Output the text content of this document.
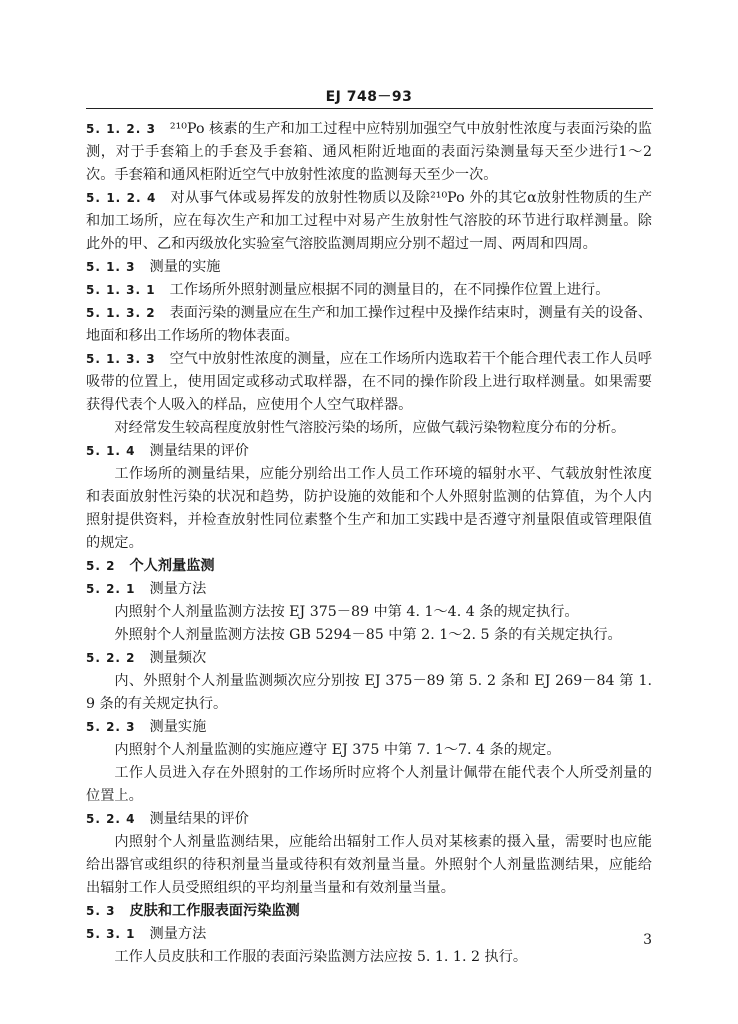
EJ 748－93

5. 1. 2. 3 ²¹⁰Po 核素的生产和加工过程中应特别加强空气中放射性浓度与表面污染的监测，对于手套箱上的手套及手套箱、通风柜附近地面的表面污染测量每天至少进行1～2次。手套箱和通风柜附近空气中放射性浓度的监测每天至少一次。

5. 1. 2. 4 对从事气体或易挥发的放射性物质以及除²¹⁰Po 外的其它α放射性物质的生产和加工场所，应在每次生产和加工过程中对易产生放射性气溶胶的环节进行取样测量。除此外的甲、乙和丙级放化实验室气溶胶监测周期应分别不超过一周、两周和四周。

5. 1. 3 测量的实施

5. 1. 3. 1 工作场所外照射测量应根据不同的测量目的，在不同操作位置上进行。

5. 1. 3. 2 表面污染的测量应在生产和加工操作过程中及操作结束时，测量有关的设备、地面和移出工作场所的物体表面。

5. 1. 3. 3 空气中放射性浓度的测量，应在工作场所内选取若干个能合理代表工作人员呼吸带的位置上，使用固定或移动式取样器，在不同的操作阶段上进行取样测量。如果需要获得代表个人吸入的样品，应使用个人空气取样器。

对经常发生较高程度放射性气溶胶污染的场所，应做气载污染物粒度分布的分析。

5. 1. 4 测量结果的评价

工作场所的测量结果，应能分别给出工作人员工作环境的辐射水平、气载放射性浓度和表面放射性污染的状况和趋势，防护设施的效能和个人外照射监测的估算值，为个人内照射提供资料，并检查放射性同位素整个生产和加工实践中是否遵守剂量限值或管理限值的规定。

5. 2 个人剂量监测

5. 2. 1 测量方法

内照射个人剂量监测方法按 EJ 375－89 中第 4. 1～4. 4 条的规定执行。

外照射个人剂量监测方法按 GB 5294－85 中第 2. 1～2. 5 条的有关规定执行。

5. 2. 2 测量频次

内、外照射个人剂量监测频次应分别按 EJ 375－89 第 5. 2 条和 EJ 269－84 第 1. 9 条的有关规定执行。

5. 2. 3 测量实施

内照射个人剂量监测的实施应遵守 EJ 375 中第 7. 1～7. 4 条的规定。

工作人员进入存在外照射的工作场所时应将个人剂量计佩带在能代表个人所受剂量的位置上。

5. 2. 4 测量结果的评价

内照射个人剂量监测结果，应能给出辐射工作人员对某核素的摄入量，需要时也应能给出器官或组织的待积剂量当量或待积有效剂量当量。外照射个人剂量监测结果，应能给出辐射工作人员受照组织的平均剂量当量和有效剂量当量。

5. 3 皮肤和工作服表面污染监测

5. 3. 1 测量方法

工作人员皮肤和工作服的表面污染监测方法应按 5. 1. 1. 2 执行。

3
